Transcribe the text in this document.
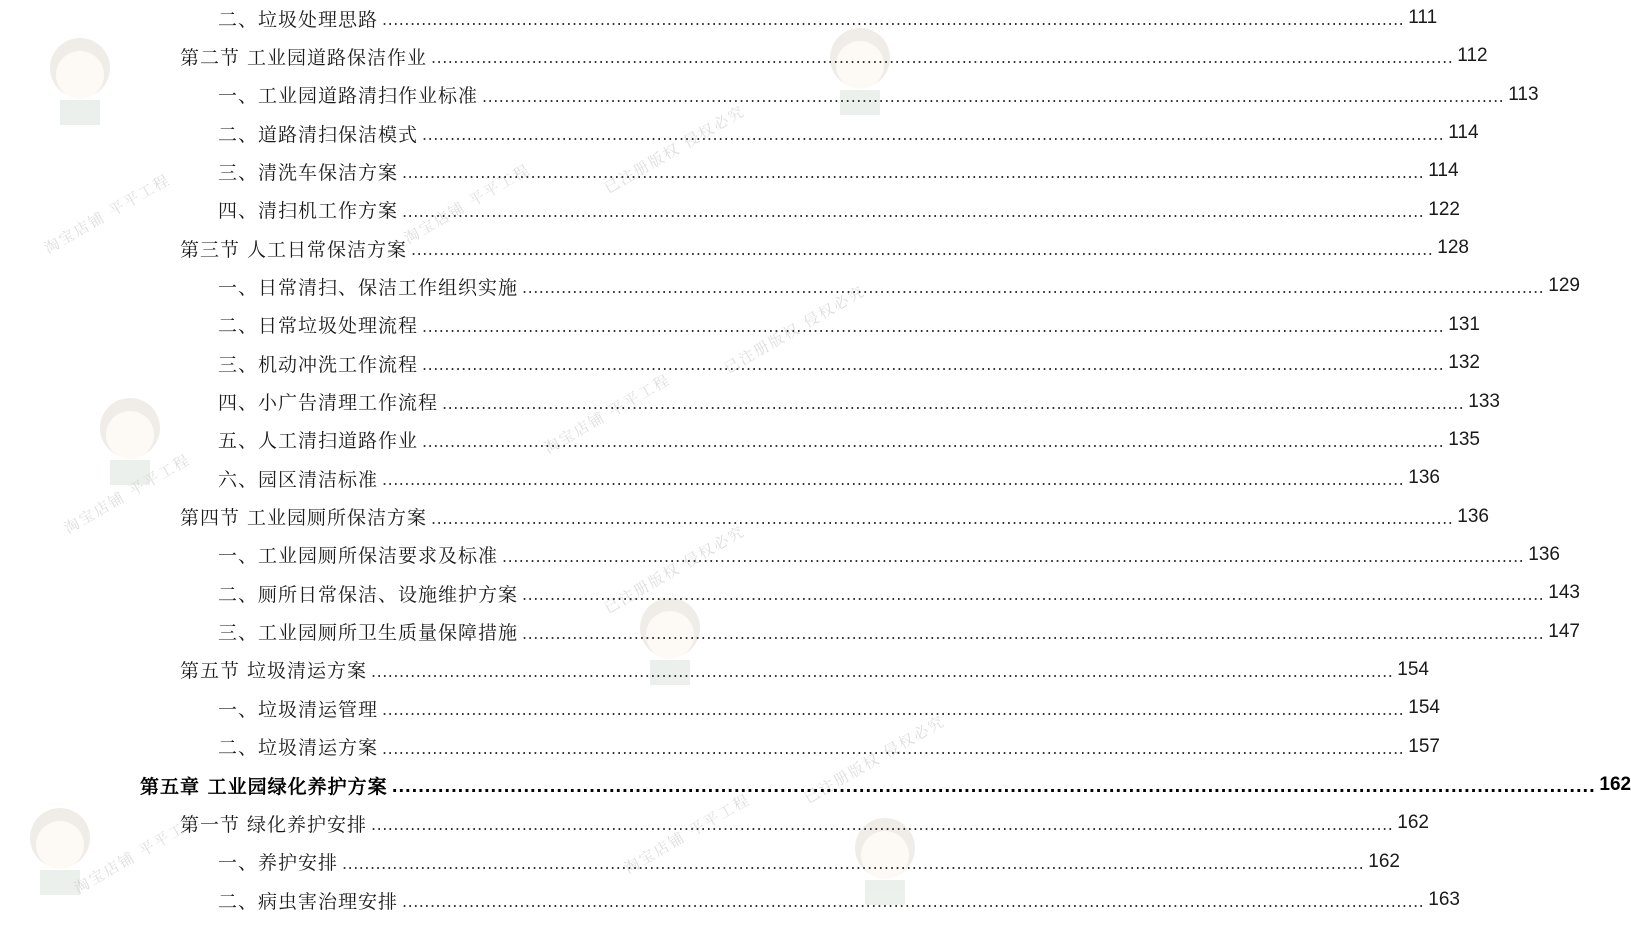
淘宝店铺 平平工程
淘宝店铺 平平工程
淘宝店铺 平平工程
淘宝店铺 平平工程
已注册版权 侵权必究
已注册版权 侵权必究
淘宝店铺 平平工程
已注册版权 侵权必究
已注册版权 侵权必究
淘宝店铺 平平工程
二、垃圾处理思路 .....	111
第二节 工业园道路保洁作业 .....	112
一、工业园道路清扫作业标准 .....	113
二、道路清扫保洁模式 .....	114
三、清洗车保洁方案 .....	114
四、清扫机工作方案 .....	122
第三节 人工日常保洁方案 .....	128
一、日常清扫、保洁工作组织实施 .....	129
二、日常垃圾处理流程 .....	131
三、机动冲洗工作流程 .....	132
四、小广告清理工作流程 .....	133
五、人工清扫道路作业 .....	135
六、园区清洁标准 .....	136
第四节 工业园厕所保洁方案 .....	136
一、工业园厕所保洁要求及标准 .....	136
二、厕所日常保洁、设施维护方案 .....	143
三、工业园厕所卫生质量保障措施 .....	147
第五节 垃圾清运方案 .....	154
一、垃圾清运管理 .....	154
二、垃圾清运方案 .....	157
第五章 工业园绿化养护方案 .....	162
第一节 绿化养护安排 .....	162
一、养护安排 .....	162
二、病虫害治理安排 .....	163
